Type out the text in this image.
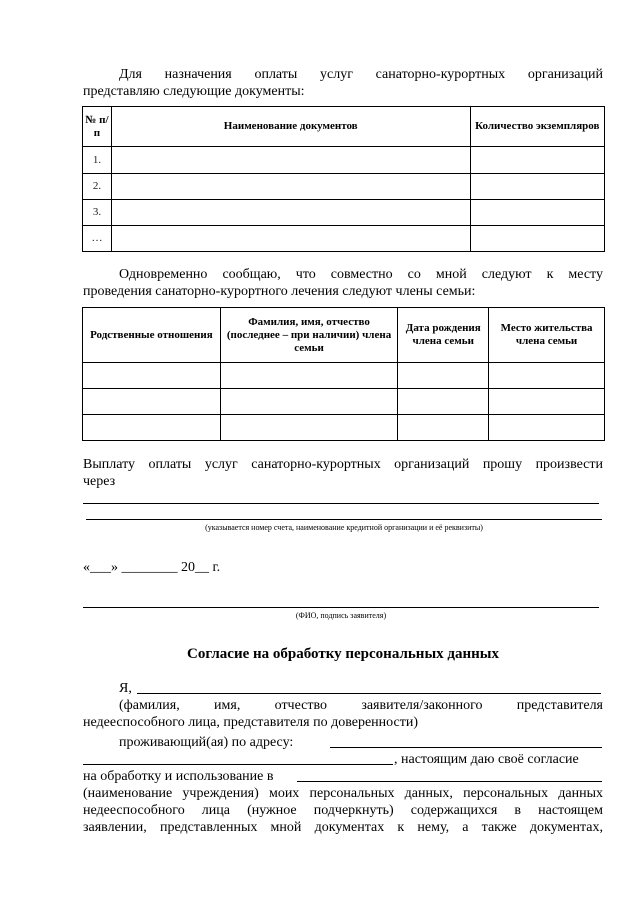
Для назначения оплаты услуг санаторно-курортных организаций
представляю следующие документы:
№ п/п	Наименование документов	Количество экземпляров
1.		
2.		
3.		
…		
Одновременно сообщаю, что совместно со мной следуют к месту
проведения санаторно-курортного лечения следуют члены семьи:
Родственные отношения	Фамилия, имя, отчество (последнее – при наличии) члена семьи	Дата рождения члена семьи	Место жительства члена семьи

Выплату оплаты услуг санаторно-курортных организаций прошу произвести
через
(указывается номер счета, наименование кредитной организации и её реквизиты)
«___» ________ 20__ г.
(ФИО, подпись заявителя)
Согласие на обработку персональных данных
Я,
(фамилия, имя, отчество заявителя/законного представителя
недееспособного лица, представителя по доверенности)
проживающий(ая) по адресу:
, настоящим даю своё согласие
на обработку и использование в
(наименование учреждения) моих персональных данных, персональных данных
недееспособного лица (нужное подчеркнуть) содержащихся в настоящем
заявлении, представленных мной документах к нему, а также документах,
